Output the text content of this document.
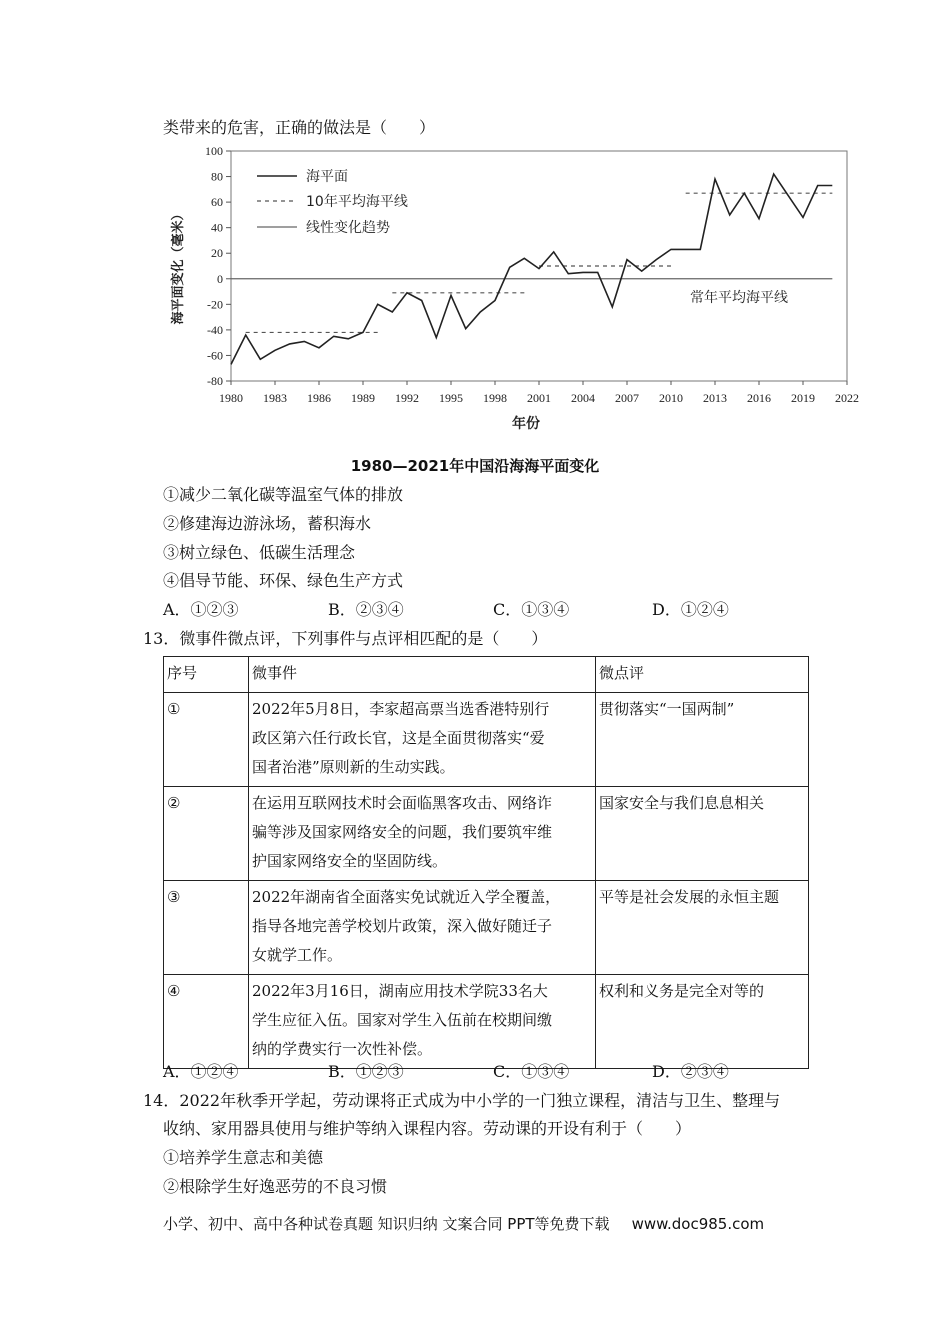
类带来的危害，正确的做法是（　　）
100
80
60
40
20
0
-20
-40
-60
-80
1980 1983 1986 1989 1992 1995 1998 2001 2004 2007 2010 2013 2016 2019 2022
常年平均海平线
海平面
10年平均海平线
线性变化趋势
年份
海平面变化（毫米）
1980—2021年中国沿海海平面变化
①减少二氧化碳等温室气体的排放
②修建海边游泳场，蓄积海水
③树立绿色、低碳生活理念
④倡导节能、环保、绿色生产方式
A．①②③	B．②③④	C．①③④	D．①②④
13．微事件微点评，下列事件与点评相匹配的是（　　）
序号	微事件	微点评
①	2022年5月8日，李家超高票当选香港特别行
政区第六任行政长官，这是全面贯彻落实“爱
国者治港”原则新的生动实践。	贯彻落实“一国两制”
②	在运用互联网技术时会面临黑客攻击、网络诈
骗等涉及国家网络安全的问题，我们要筑牢维
护国家网络安全的坚固防线。	国家安全与我们息息相关
③	2022年湖南省全面落实免试就近入学全覆盖，
指导各地完善学校划片政策，深入做好随迁子
女就学工作。	平等是社会发展的永恒主题
④	2022年3月16日，湖南应用技术学院33名大
学生应征入伍。国家对学生入伍前在校期间缴
纳的学费实行一次性补偿。	权利和义务是完全对等的
A．①②④	B．①②③	C．①③④	D．②③④
14．2022年秋季开学起，劳动课将正式成为中小学的一门独立课程，清洁与卫生、整理与
收纳、家用器具使用与维护等纳入课程内容。劳动课的开设有利于（　　）
①培养学生意志和美德
②根除学生好逸恶劳的不良习惯
小学、初中、高中各种试卷真题 知识归纳 文案合同 PPT等免费下载 www.doc985.com
